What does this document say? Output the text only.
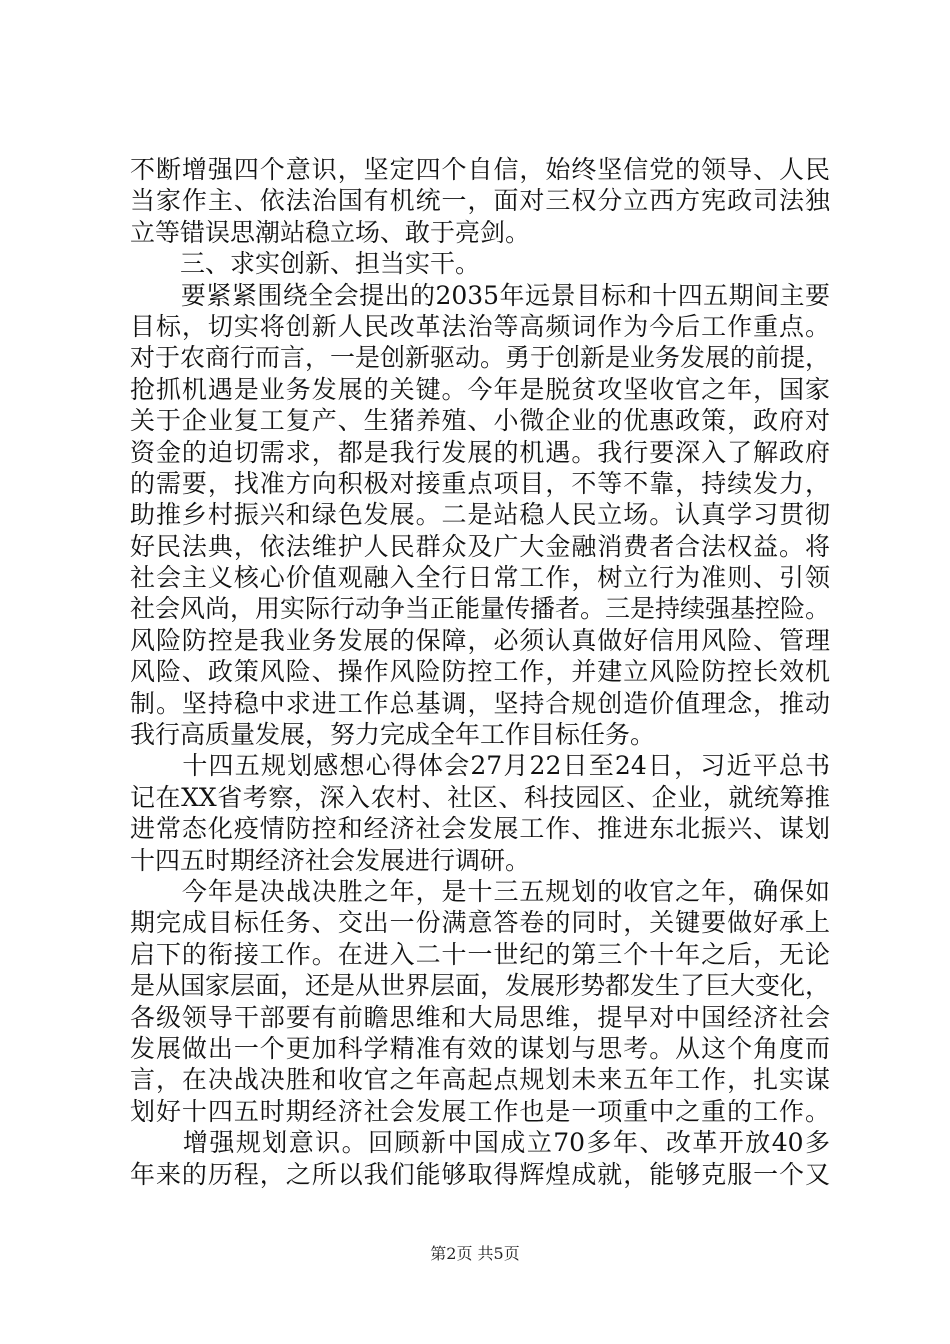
不断增强四个意识，坚定四个自信，始终坚信党的领导、人民
当家作主、依法治国有机统一，面对三权分立西方宪政司法独
立等错误思潮站稳立场、敢于亮剑。
　　三、求实创新、担当实干。
　　要紧紧围绕全会提出的2035年远景目标和十四五期间主要
目标，切实将创新人民改革法治等高频词作为今后工作重点。
对于农商行而言，一是创新驱动。勇于创新是业务发展的前提，
抢抓机遇是业务发展的关键。今年是脱贫攻坚收官之年，国家
关于企业复工复产、生猪养殖、小微企业的优惠政策，政府对
资金的迫切需求，都是我行发展的机遇。我行要深入了解政府
的需要，找准方向积极对接重点项目，不等不靠，持续发力，
助推乡村振兴和绿色发展。二是站稳人民立场。认真学习贯彻
好民法典，依法维护人民群众及广大金融消费者合法权益。将
社会主义核心价值观融入全行日常工作，树立行为准则、引领
社会风尚，用实际行动争当正能量传播者。三是持续强基控险。
风险防控是我业务发展的保障，必须认真做好信用风险、管理
风险、政策风险、操作风险防控工作，并建立风险防控长效机
制。坚持稳中求进工作总基调，坚持合规创造价值理念，推动
我行高质量发展，努力完成全年工作目标任务。
　　十四五规划感想心得体会27月22日至24日，习近平总书
记在XX省考察，深入农村、社区、科技园区、企业，就统筹推
进常态化疫情防控和经济社会发展工作、推进东北振兴、谋划
十四五时期经济社会发展进行调研。
　　今年是决战决胜之年，是十三五规划的收官之年，确保如
期完成目标任务、交出一份满意答卷的同时，关键要做好承上
启下的衔接工作。在进入二十一世纪的第三个十年之后，无论
是从国家层面，还是从世界层面，发展形势都发生了巨大变化，
各级领导干部要有前瞻思维和大局思维，提早对中国经济社会
发展做出一个更加科学精准有效的谋划与思考。从这个角度而
言，在决战决胜和收官之年高起点规划未来五年工作，扎实谋
划好十四五时期经济社会发展工作也是一项重中之重的工作。
　　增强规划意识。回顾新中国成立70多年、改革开放40多
年来的历程，之所以我们能够取得辉煌成就，能够克服一个又
第2页 共5页
